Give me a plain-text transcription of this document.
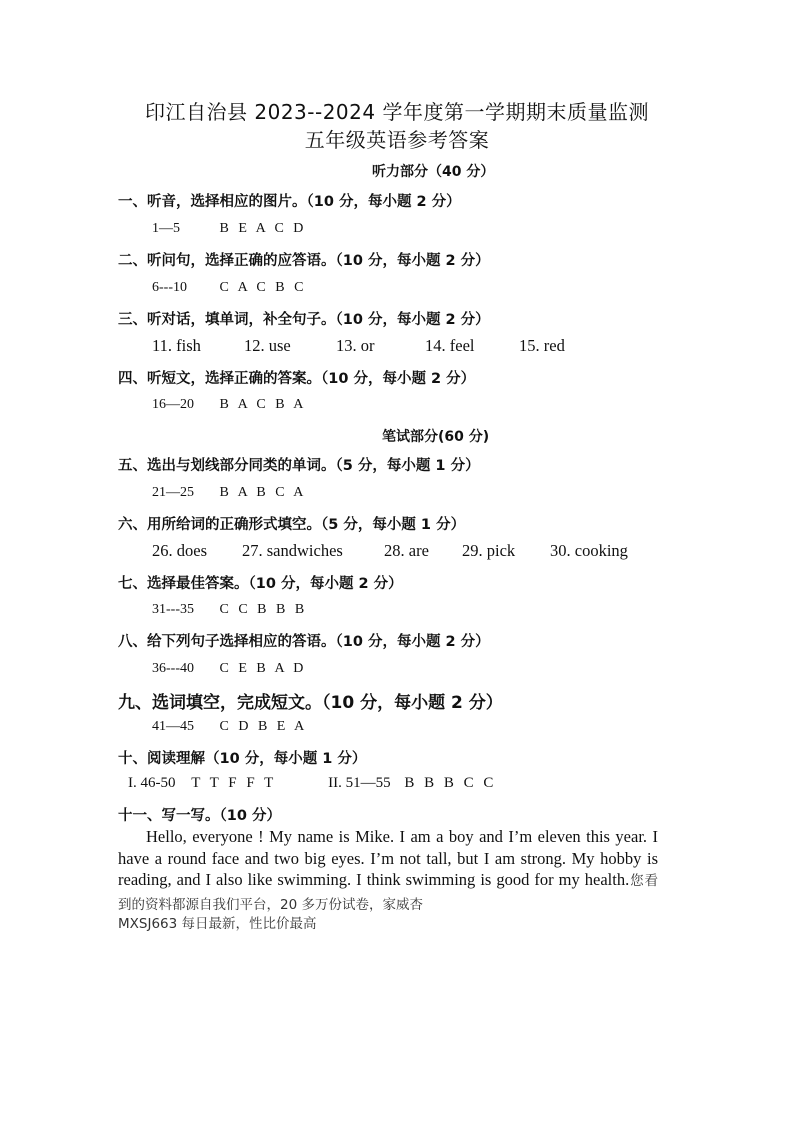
印江自治县 2023--2024 学年度第一学期期末质量监测
五年级英语参考答案
听力部分（40 分）
一、听音，选择相应的图片。（10 分，每小题 2 分）
1—5	B E A C D
二、听问句，选择正确的应答语。（10 分，每小题 2 分）
6---10 C A C B C
三、听对话，填单词，补全句子。（10 分，每小题 2 分）
11. fish	12. use	13. or	14. feel	15. red
四、听短文，选择正确的答案。（10 分，每小题 2 分）
16—20 B A C B A
笔试部分(60 分)
五、选出与划线部分同类的单词。（5 分，每小题 1 分）
21—25 B A B C A
六、用所给词的正确形式填空。（5 分，每小题 1 分）
26. does 27. sandwiches 28. are 29. pick 30. cooking
七、选择最佳答案。（10 分，每小题 2 分）
31---35 C C B B B
八、给下列句子选择相应的答语。（10 分，每小题 2 分）
36---40 C E B A D
九、选词填空，完成短文。（10 分，每小题 2 分）
41—45 C D B E A
十、阅读理解（10 分，每小题 1 分）
I. 46-50 T T F F T	II. 51—55 B B B C C
十一、写一写。（10 分）

Hello, everyone ! My name is Mike. I am a boy and I’m eleven this year. I have a round face and two big eyes. I’m not tall, but I am strong. My hobby is reading, and I also like swimming. I think swimming is good for my health.您看到的资料都源自我们平台，20 多万份试卷，家威杏

MXSJ663 每日最新，性比价最高
